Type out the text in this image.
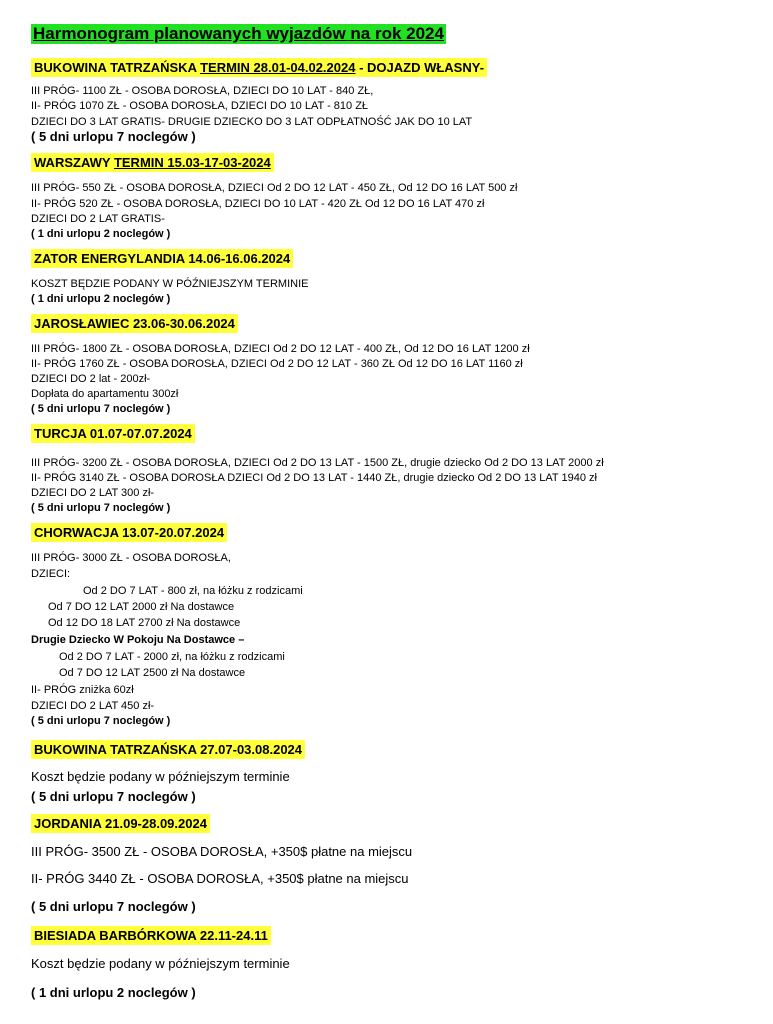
Harmonogram planowanych wyjazdów na rok 2024
BUKOWINA TATRZAŃSKA TERMIN 28.01-04.02.2024 - DOJAZD WŁASNY-
III PRÓG- 1100 ZŁ - OSOBA DOROSŁA, DZIECI DO 10 LAT - 840 ZŁ,
II- PRÓG 1070 ZŁ - OSOBA DOROSŁA, DZIECI DO 10 LAT - 810 ZŁ
DZIECI DO 3 LAT GRATIS- DRUGIE DZIECKO DO 3 LAT ODPŁATNOŚĆ JAK DO 10 LAT
( 5 dni urlopu 7 noclegów )
WARSZAWY TERMIN 15.03-17-03-2024
III PRÓG- 550 ZŁ - OSOBA DOROSŁA, DZIECI Od 2 DO 12 LAT - 450 ZŁ, Od 12 DO 16 LAT 500 zł
II- PRÓG 520 ZŁ - OSOBA DOROSŁA, DZIECI DO 10 LAT - 420 ZŁ Od 12 DO 16 LAT 470 zł
DZIECI DO 2 LAT GRATIS-
( 1 dni urlopu 2 noclegów )
ZATOR ENERGYLANDIA 14.06-16.06.2024
KOSZT BĘDZIE PODANY W PÓŹNIEJSZYM TERMINIE
( 1 dni urlopu 2 noclegów )
JAROSŁAWIEC 23.06-30.06.2024
III PRÓG- 1800 ZŁ - OSOBA DOROSŁA, DZIECI Od 2 DO 12 LAT - 400 ZŁ, Od 12 DO 16 LAT 1200 zł
II- PRÓG 1760 ZŁ - OSOBA DOROSŁA, DZIECI Od 2 DO 12 LAT - 360 ZŁ Od 12 DO 16 LAT 1160 zł
DZIECI DO 2 lat - 200zł-
Dopłata do apartamentu 300zł
( 5 dni urlopu 7 noclegów )
TURCJA 01.07-07.07.2024
III PRÓG- 3200 ZŁ - OSOBA DOROSŁA, DZIECI Od 2 DO 13 LAT - 1500 ZŁ, drugie dziecko Od 2 DO 13 LAT 2000 zł
II- PRÓG 3140 ZŁ - OSOBA DOROSŁA DZIECI Od 2 DO 13 LAT - 1440 ZŁ, drugie dziecko Od 2 DO 13 LAT 1940 zł
DZIECI DO 2 LAT 300 zł-
( 5 dni urlopu 7 noclegów )
CHORWACJA 13.07-20.07.2024
III PRÓG- 3000 ZŁ - OSOBA DOROSŁA,
DZIECI:
Od 2 DO 7 LAT - 800 zł, na łóżku z rodzicami
Od 7 DO 12 LAT 2000 zł Na dostawce
Od 12 DO 18 LAT 2700 zł Na dostawce
Drugie Dziecko W Pokoju Na Dostawce –
Od 2 DO 7 LAT - 2000 zł, na łóżku z rodzicami
Od 7 DO 12 LAT 2500 zł Na dostawce
II- PRÓG zniżka 60zł
DZIECI DO 2 LAT 450 zł-
( 5 dni urlopu 7 noclegów )
BUKOWINA TATRZAŃSKA 27.07-03.08.2024
Koszt będzie podany w późniejszym terminie
( 5 dni urlopu 7 noclegów )
JORDANIA 21.09-28.09.2024
III PRÓG- 3500 ZŁ - OSOBA DOROSŁA, +350$ płatne na miejscu
II- PRÓG 3440 ZŁ - OSOBA DOROSŁA, +350$ płatne na miejscu
( 5 dni urlopu 7 noclegów )
BIESIADA BARBÓRKOWA 22.11-24.11
Koszt będzie podany w późniejszym terminie
( 1 dni urlopu 2 noclegów )
